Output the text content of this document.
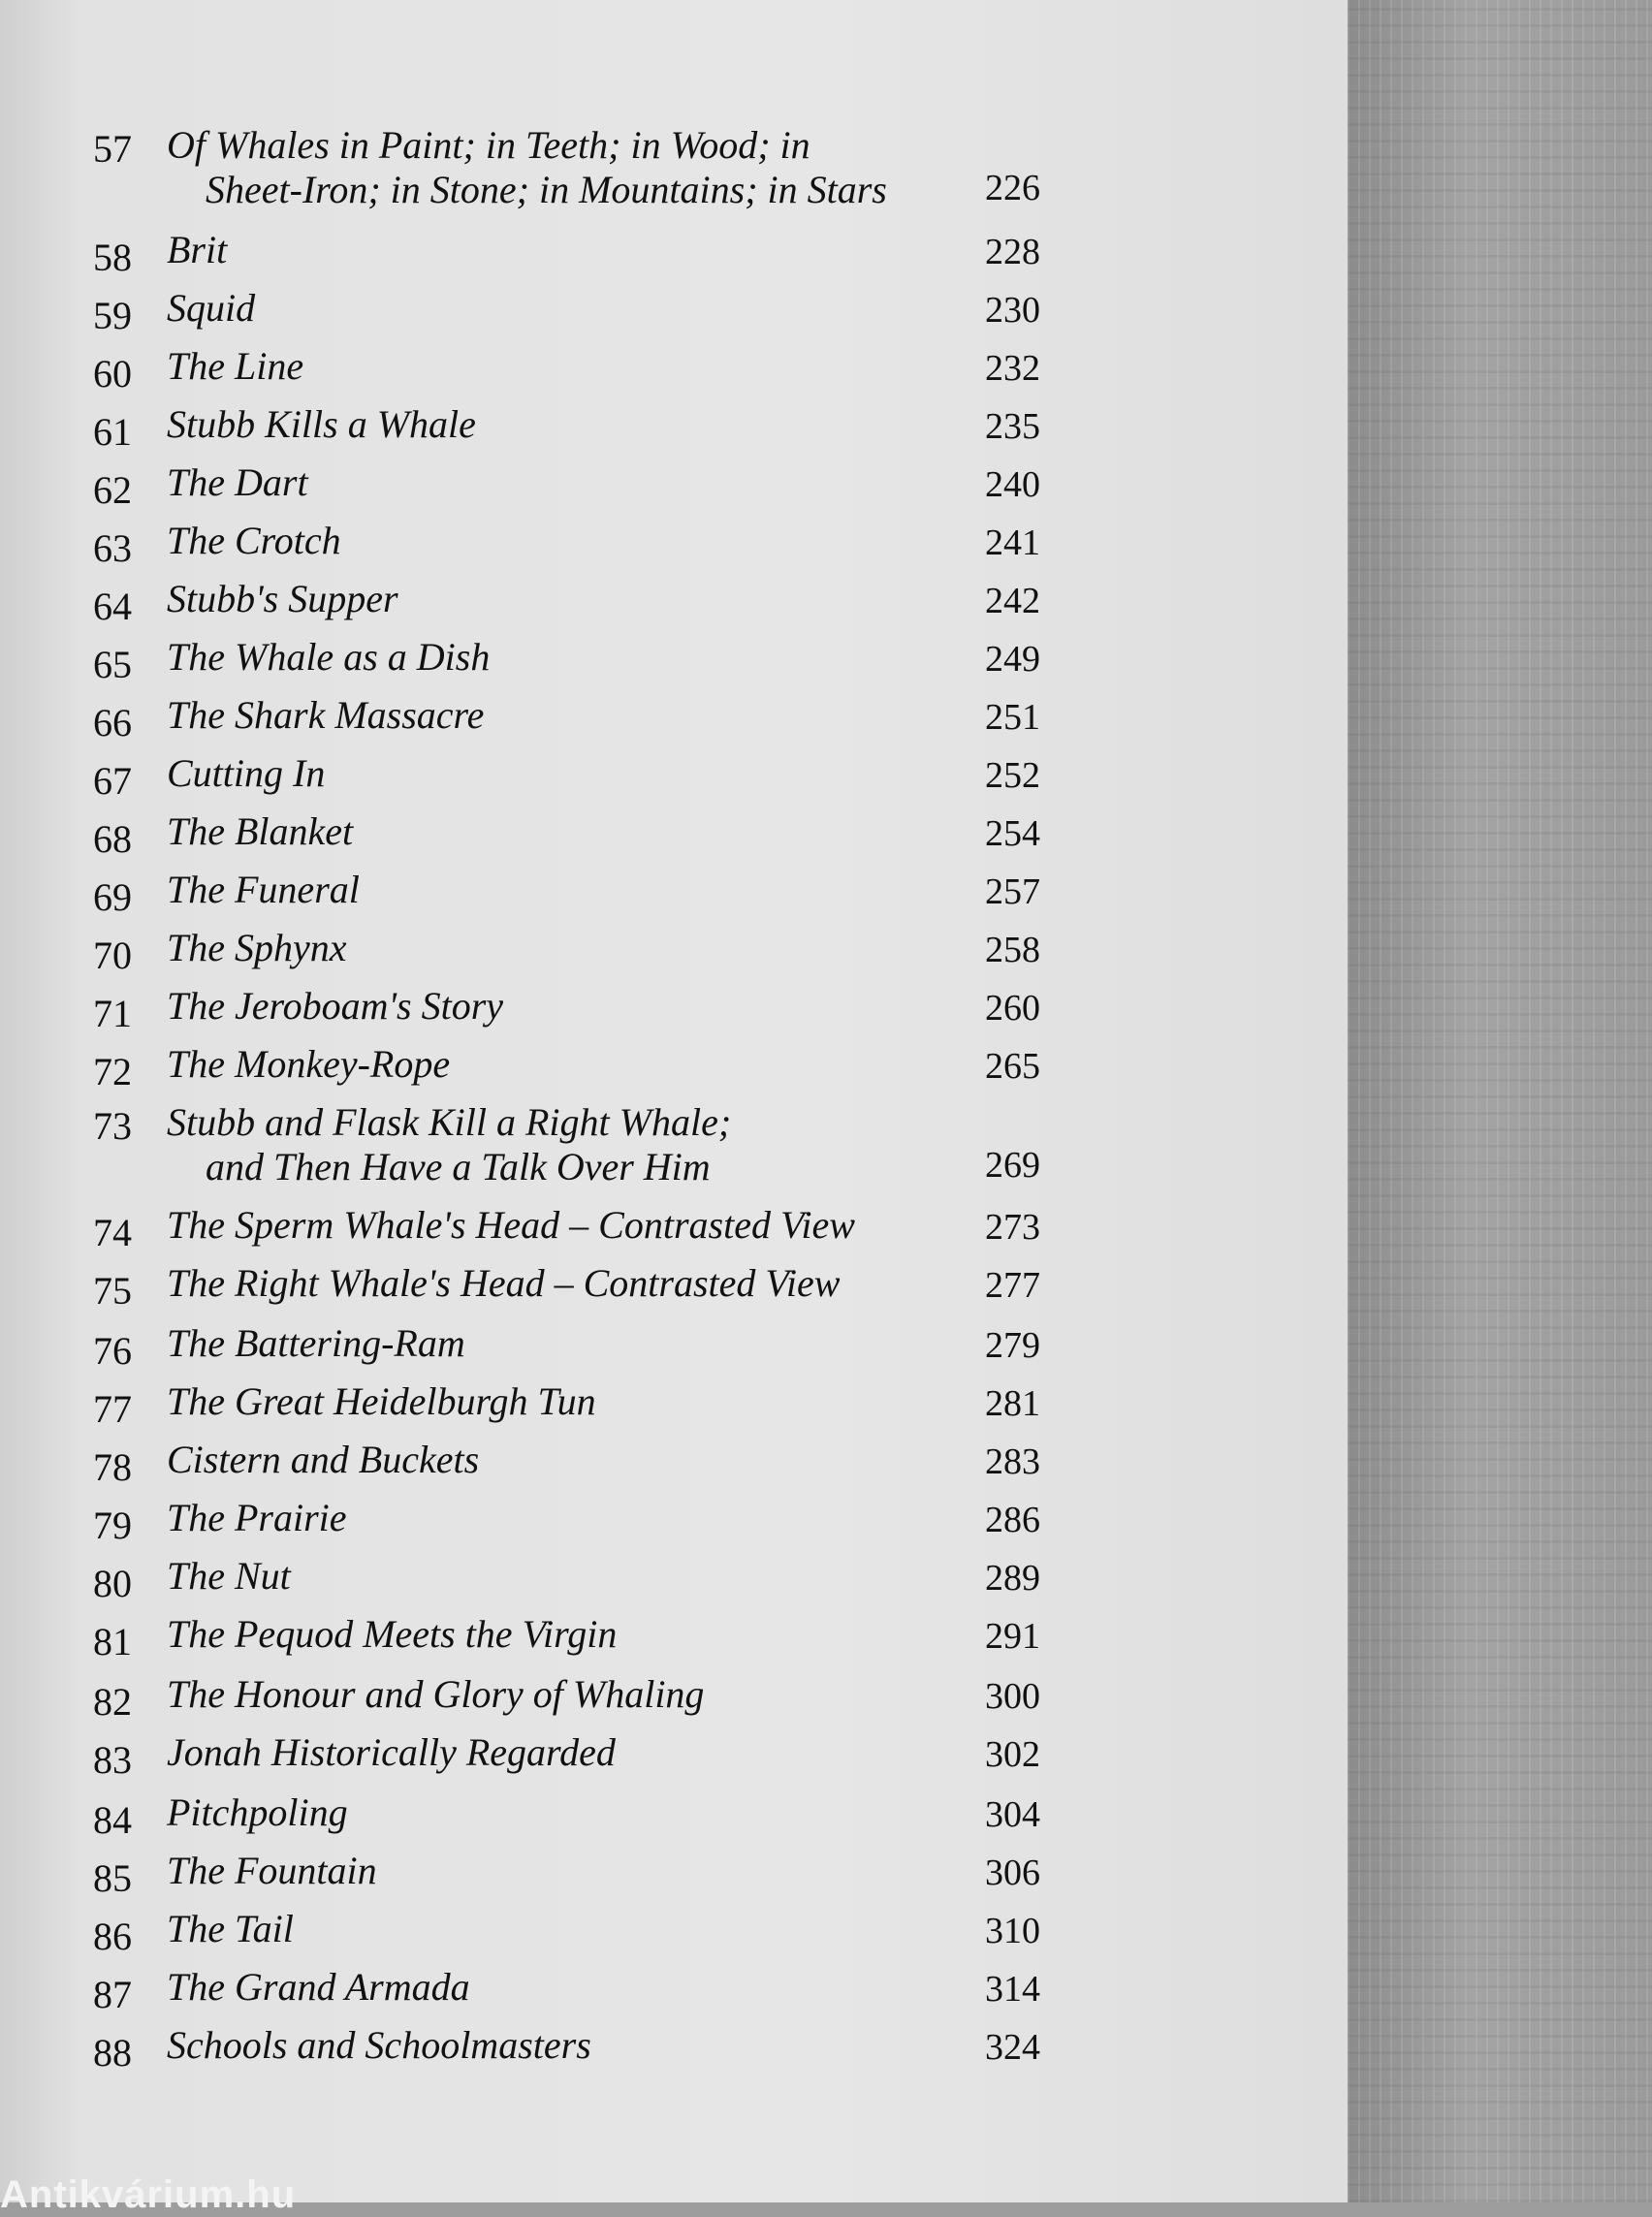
57 Of Whales in Paint; in Teeth; in Wood; in
Sheet-Iron; in Stone; in Mountains; in Stars	226
58 Brit	228
59 Squid	230
60 The Line	232
61 Stubb Kills a Whale	235
62 The Dart	240
63 The Crotch	241
64 Stubb's Supper	242
65 The Whale as a Dish	249
66 The Shark Massacre	251
67 Cutting In	252
68 The Blanket	254
69 The Funeral	257
70 The Sphynx	258
71 The Jeroboam's Story	260
72 The Monkey-Rope	265
73 Stubb and Flask Kill a Right Whale;
and Then Have a Talk Over Him	269
74 The Sperm Whale's Head – Contrasted View	273
75 The Right Whale's Head – Contrasted View	277
76 The Battering-Ram	279
77 The Great Heidelburgh Tun	281
78 Cistern and Buckets	283
79 The Prairie	286
80 The Nut	289
81 The Pequod Meets the Virgin	291
82 The Honour and Glory of Whaling	300
83 Jonah Historically Regarded	302
84 Pitchpoling	304
85 The Fountain	306
86 The Tail	310
87 The Grand Armada	314
88 Schools and Schoolmasters	324
Antikvárium.hu
